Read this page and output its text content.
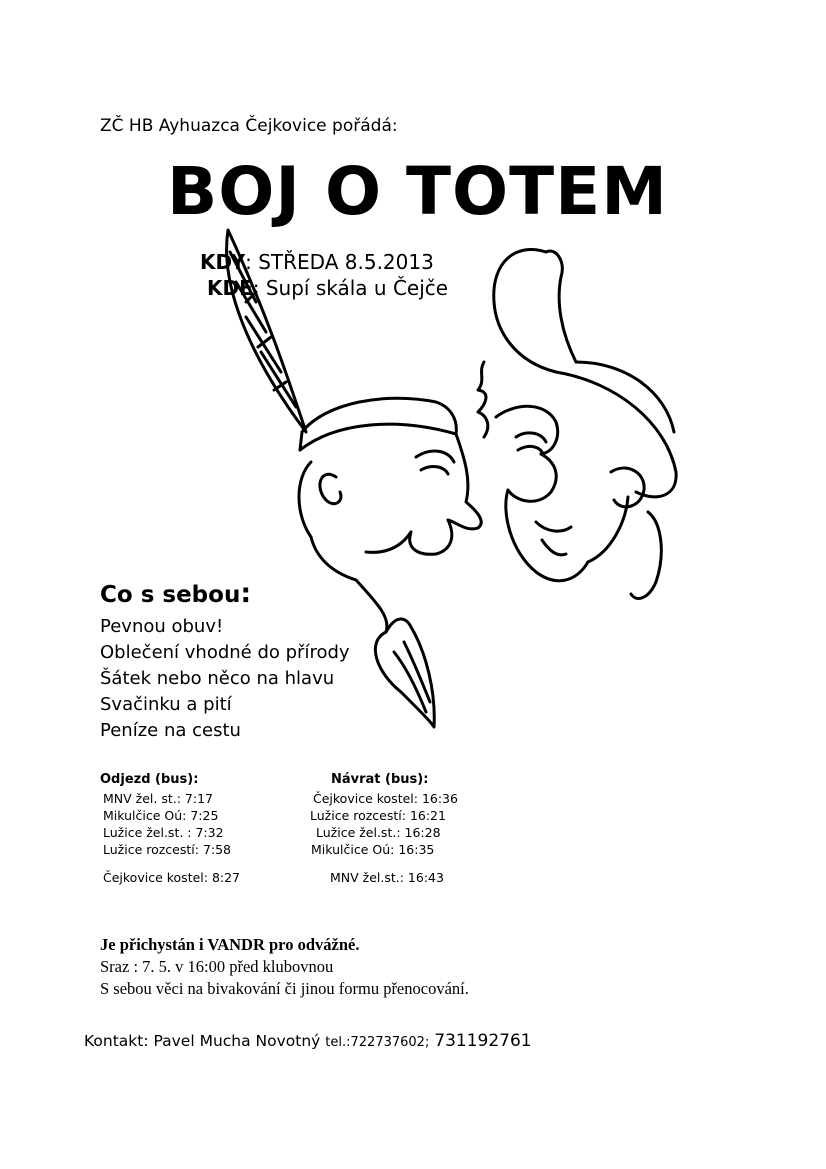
ZČ HB Ayhuazca Čejkovice pořádá:
BOJ O TOTEM
KDY: STŘEDA 8.5.2013
KDE: Supí skála u Čejče
Co s sebou:
Pevnou obuv!
Oblečení vhodné do přírody
Šátek nebo něco na hlavu
Svačinku a pití
Peníze na cestu
Odjezd (bus):	Návrat (bus):
MNV žel. st.: 7:17
Mikulčice Oú: 7:25
Lužice žel.st. : 7:32
Lužice rozcestí: 7:58
Čejkovice kostel: 16:36
Lužice rozcestí: 16:21
Lužice žel.st.: 16:28
Mikulčice Oú: 16:35
Čejkovice kostel: 8:27	MNV žel.st.: 16:43
Je přichystán i VANDR pro odvážné.
Sraz : 7. 5. v 16:00 před klubovnou
S sebou věci na bivakování či jinou formu přenocování.
Kontakt: Pavel Mucha Novotný tel.:722737602; 731192761
